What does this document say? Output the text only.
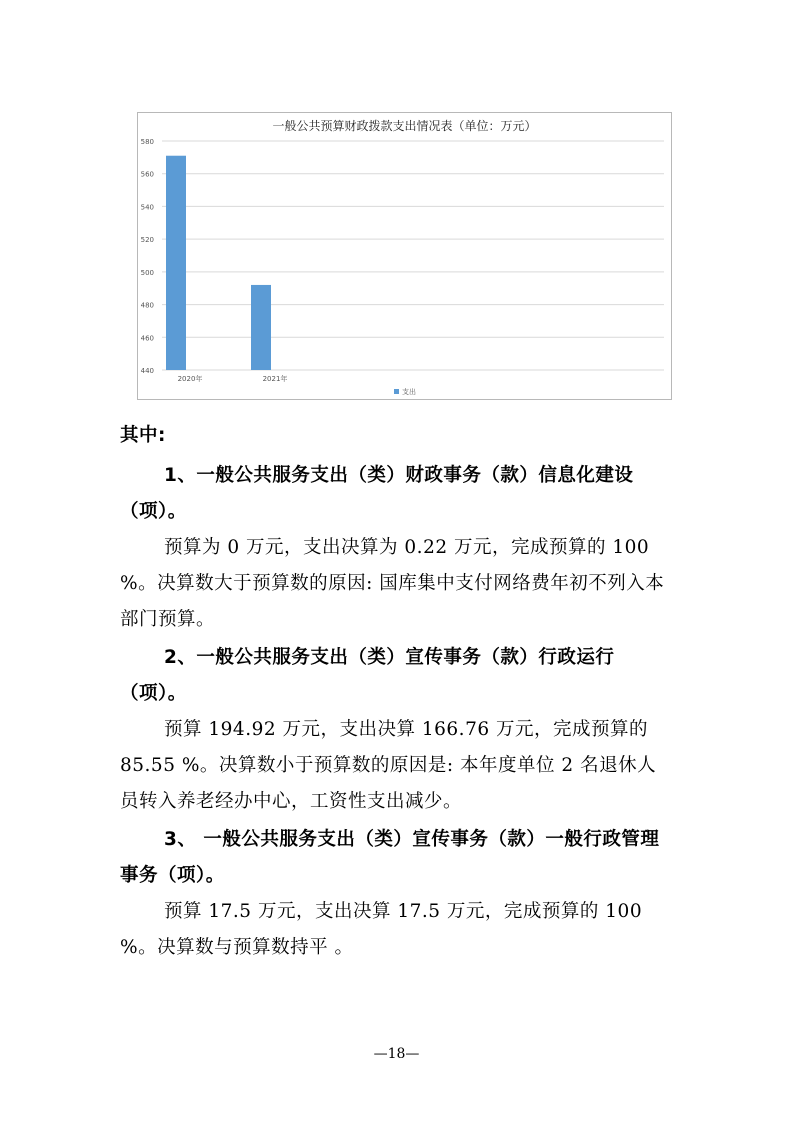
一般公共预算财政拨款支出情况表（单位：万元）
440
460
480
500
520
540
560
580
2020年	2021年
支出

其中:

1、一般公共服务支出（类）财政事务（款）信息化建设（项）。

预算为 0 万元，支出决算为 0.22 万元，完成预算的 100 %。决算数大于预算数的原因: 国库集中支付网络费年初不列入本部门预算。

2、一般公共服务支出（类）宣传事务（款）行政运行（项）。

预算 194.92 万元，支出决算 166.76 万元，完成预算的 85.55 %。决算数小于预算数的原因是: 本年度单位 2 名退休人员转入养老经办中心，工资性支出减少。

3、 一般公共服务支出（类）宣传事务（款）一般行政管理事务（项）。

预算 17.5 万元，支出决算 17.5 万元，完成预算的 100 %。决算数与预算数持平 。

—18—
